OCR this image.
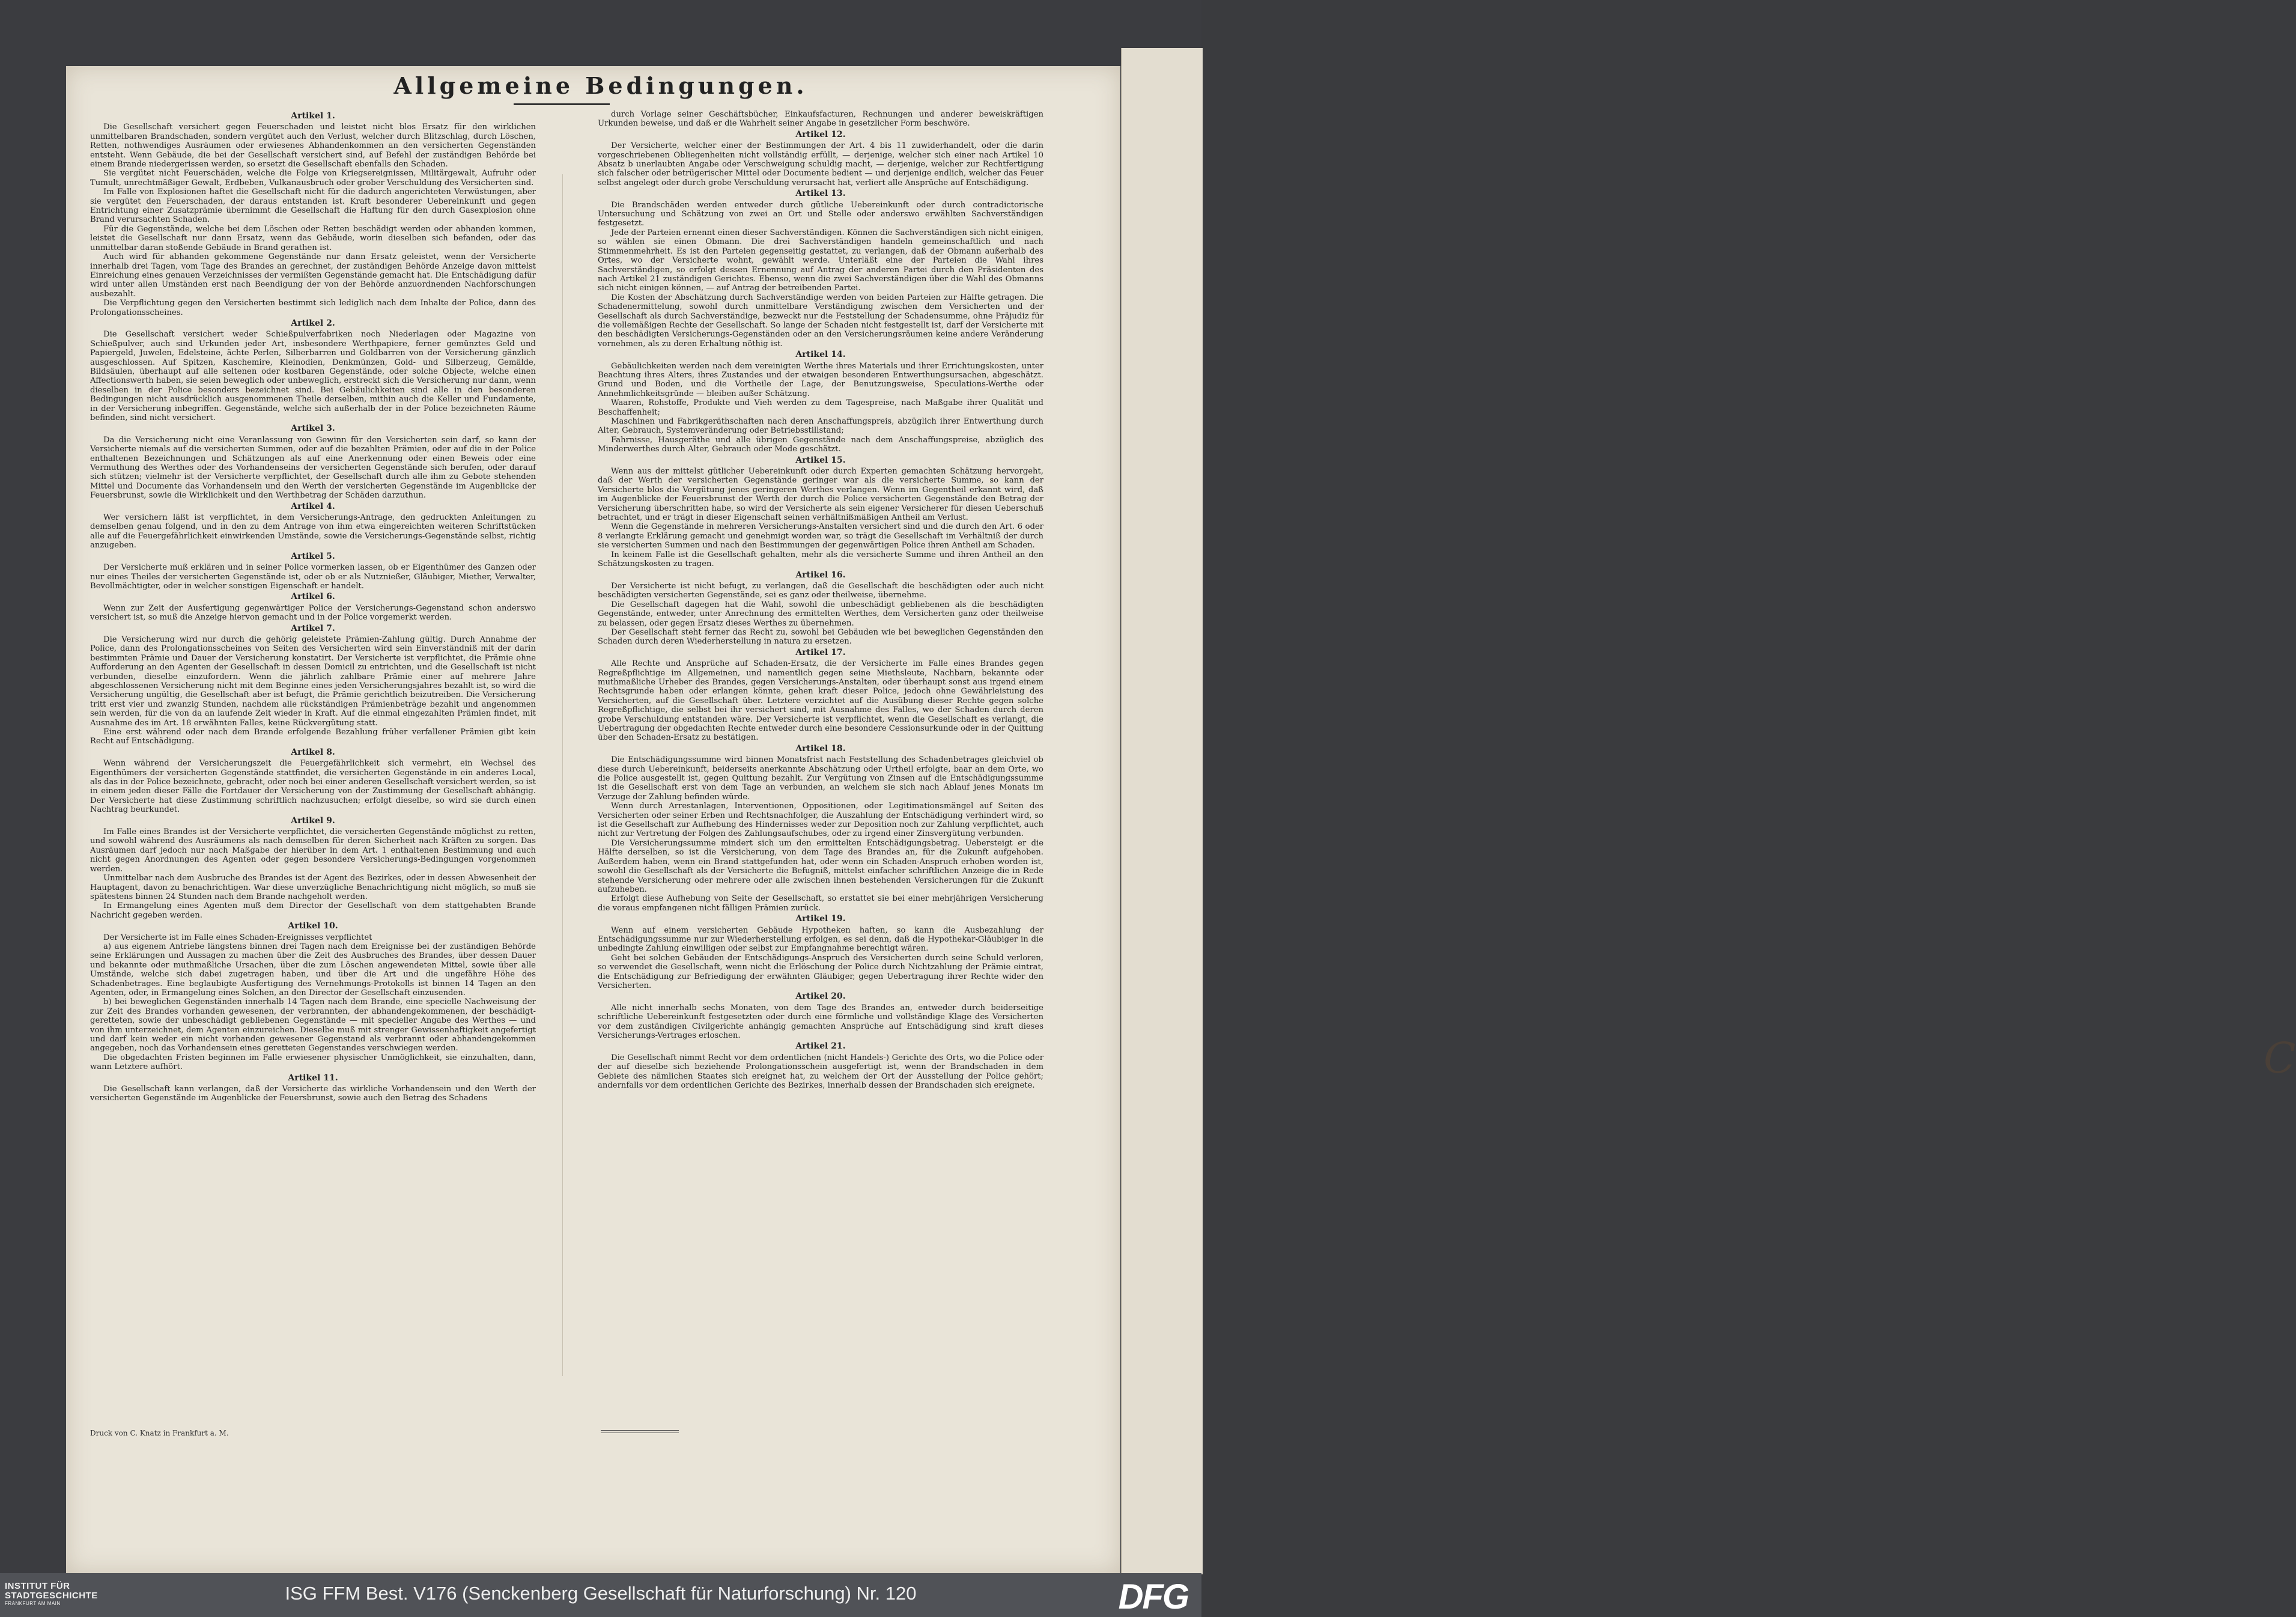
C
Allgemeine Bedingungen.
Artikel 1.

Die Gesellschaft versichert gegen Feuerschaden und leistet nicht blos Ersatz für den wirklichen unmittelbaren Brandschaden, sondern vergütet auch den Verlust, welcher durch Blitzschlag, durch Löschen, Retten, nothwendiges Ausräumen oder erwiesenes Abhandenkommen an den versicherten Gegenständen entsteht. Wenn Gebäude, die bei der Gesellschaft versichert sind, auf Befehl der zuständigen Behörde bei einem Brande niedergerissen werden, so ersetzt die Gesellschaft ebenfalls den Schaden.

Sie vergütet nicht Feuerschäden, welche die Folge von Kriegsereignissen, Militärgewalt, Aufruhr oder Tumult, unrechtmäßiger Gewalt, Erdbeben, Vulkanausbruch oder grober Verschuldung des Versicherten sind.

Im Falle von Explosionen haftet die Gesellschaft nicht für die dadurch angerichteten Verwüstungen, aber sie vergütet den Feuerschaden, der daraus entstanden ist. Kraft besonderer Uebereinkunft und gegen Entrichtung einer Zusatzprämie übernimmt die Gesellschaft die Haftung für den durch Gasexplosion ohne Brand verursachten Schaden.

Für die Gegenstände, welche bei dem Löschen oder Retten beschädigt werden oder abhanden kommen, leistet die Gesellschaft nur dann Ersatz, wenn das Gebäude, worin dieselben sich befanden, oder das unmittelbar daran stoßende Gebäude in Brand gerathen ist.

Auch wird für abhanden gekommene Gegenstände nur dann Ersatz geleistet, wenn der Versicherte innerhalb drei Tagen, vom Tage des Brandes an gerechnet, der zuständigen Behörde Anzeige davon mittelst Einreichung eines genauen Verzeichnisses der vermißten Gegenstände gemacht hat. Die Entschädigung dafür wird unter allen Umständen erst nach Beendigung der von der Behörde anzuordnenden Nachforschungen ausbezahlt.

Die Verpflichtung gegen den Versicherten bestimmt sich lediglich nach dem Inhalte der Police, dann des Prolongationsscheines.

Artikel 2.

Die Gesellschaft versichert weder Schießpulverfabriken noch Niederlagen oder Magazine von Schießpulver, auch sind Urkunden jeder Art, insbesondere Werthpapiere, ferner gemünztes Geld und Papiergeld, Juwelen, Edelsteine, ächte Perlen, Silberbarren und Goldbarren von der Versicherung gänzlich ausgeschlossen. Auf Spitzen, Kaschemire, Kleinodien, Denkmünzen, Gold- und Silberzeug, Gemälde, Bildsäulen, überhaupt auf alle seltenen oder kostbaren Gegenstände, oder solche Objecte, welche einen Affectionswerth haben, sie seien beweglich oder unbeweglich, erstreckt sich die Versicherung nur dann, wenn dieselben in der Police besonders bezeichnet sind. Bei Gebäulichkeiten sind alle in den besonderen Bedingungen nicht ausdrücklich ausgenommenen Theile derselben, mithin auch die Keller und Fundamente, in der Versicherung inbegriffen. Gegenstände, welche sich außerhalb der in der Police bezeichneten Räume befinden, sind nicht versichert.

Artikel 3.

Da die Versicherung nicht eine Veranlassung von Gewinn für den Versicherten sein darf, so kann der Versicherte niemals auf die versicherten Summen, oder auf die bezahlten Prämien, oder auf die in der Police enthaltenen Bezeichnungen und Schätzungen als auf eine Anerkennung oder einen Beweis oder eine Vermuthung des Werthes oder des Vorhandenseins der versicherten Gegenstände sich berufen, oder darauf sich stützen; vielmehr ist der Versicherte verpflichtet, der Gesellschaft durch alle ihm zu Gebote stehenden Mittel und Documente das Vorhandensein und den Werth der versicherten Gegenstände im Augenblicke der Feuersbrunst, sowie die Wirklichkeit und den Werthbetrag der Schäden darzuthun.

Artikel 4.

Wer versichern läßt ist verpflichtet, in dem Versicherungs-Antrage, den gedruckten Anleitungen zu demselben genau folgend, und in den zu dem Antrage von ihm etwa eingereichten weiteren Schriftstücken alle auf die Feuergefährlichkeit einwirkenden Umstände, sowie die Versicherungs-Gegenstände selbst, richtig anzugeben.

Artikel 5.

Der Versicherte muß erklären und in seiner Police vormerken lassen, ob er Eigenthümer des Ganzen oder nur eines Theiles der versicherten Gegenstände ist, oder ob er als Nutznießer, Gläubiger, Miether, Verwalter, Bevollmächtigter, oder in welcher sonstigen Eigenschaft er handelt.

Artikel 6.

Wenn zur Zeit der Ausfertigung gegenwärtiger Police der Versicherungs-Gegenstand schon anderswo versichert ist, so muß die Anzeige hiervon gemacht und in der Police vorgemerkt werden.

Artikel 7.

Die Versicherung wird nur durch die gehörig geleistete Prämien-Zahlung gültig. Durch Annahme der Police, dann des Prolongationsscheines von Seiten des Versicherten wird sein Einverständniß mit der darin bestimmten Prämie und Dauer der Versicherung konstatirt. Der Versicherte ist verpflichtet, die Prämie ohne Aufforderung an den Agenten der Gesellschaft in dessen Domicil zu entrichten, und die Gesellschaft ist nicht verbunden, dieselbe einzufordern. Wenn die jährlich zahlbare Prämie einer auf mehrere Jahre abgeschlossenen Versicherung nicht mit dem Beginne eines jeden Versicherungsjahres bezahlt ist, so wird die Versicherung ungültig, die Gesellschaft aber ist befugt, die Prämie gerichtlich beizutreiben. Die Versicherung tritt erst vier und zwanzig Stunden, nachdem alle rückständigen Prämienbeträge bezahlt und angenommen sein werden, für die von da an laufende Zeit wieder in Kraft. Auf die einmal eingezahlten Prämien findet, mit Ausnahme des im Art. 18 erwähnten Falles, keine Rückvergütung statt.

Eine erst während oder nach dem Brande erfolgende Bezahlung früher verfallener Prämien gibt kein Recht auf Entschädigung.

Artikel 8.

Wenn während der Versicherungszeit die Feuergefährlichkeit sich vermehrt, ein Wechsel des Eigenthümers der versicherten Gegenstände stattfindet, die versicherten Gegenstände in ein anderes Local, als das in der Police bezeichnete, gebracht, oder noch bei einer anderen Gesellschaft versichert werden, so ist in einem jeden dieser Fälle die Fortdauer der Versicherung von der Zustimmung der Gesellschaft abhängig. Der Versicherte hat diese Zustimmung schriftlich nachzusuchen; erfolgt dieselbe, so wird sie durch einen Nachtrag beurkundet.

Artikel 9.

Im Falle eines Brandes ist der Versicherte verpflichtet, die versicherten Gegenstände möglichst zu retten, und sowohl während des Ausräumens als nach demselben für deren Sicherheit nach Kräften zu sorgen. Das Ausräumen darf jedoch nur nach Maßgabe der hierüber in dem Art. 1 enthaltenen Bestimmung und auch nicht gegen Anordnungen des Agenten oder gegen besondere Versicherungs-Bedingungen vorgenommen werden.

Unmittelbar nach dem Ausbruche des Brandes ist der Agent des Bezirkes, oder in dessen Abwesenheit der Hauptagent, davon zu benachrichtigen. War diese unverzügliche Benachrichtigung nicht möglich, so muß sie spätestens binnen 24 Stunden nach dem Brande nachgeholt werden.

In Ermangelung eines Agenten muß dem Director der Gesellschaft von dem stattgehabten Brande Nachricht gegeben werden.

Artikel 10.

Der Versicherte ist im Falle eines Schaden-Ereignisses verpflichtet

a) aus eigenem Antriebe längstens binnen drei Tagen nach dem Ereignisse bei der zuständigen Behörde seine Erklärungen und Aussagen zu machen über die Zeit des Ausbruches des Brandes, über dessen Dauer und bekannte oder muthmaßliche Ursachen, über die zum Löschen angewendeten Mittel, sowie über alle Umstände, welche sich dabei zugetragen haben, und über die Art und die ungefähre Höhe des Schadenbetrages. Eine beglaubigte Ausfertigung des Vernehmungs-Protokolls ist binnen 14 Tagen an den Agenten, oder, in Ermangelung eines Solchen, an den Director der Gesellschaft einzusenden.

b) bei beweglichen Gegenständen innerhalb 14 Tagen nach dem Brande, eine specielle Nachweisung der zur Zeit des Brandes vorhanden gewesenen, der verbrannten, der abhandengekommenen, der beschädigt-geretteten, sowie der unbeschädigt gebliebenen Gegenstände — mit specieller Angabe des Werthes — und von ihm unterzeichnet, dem Agenten einzureichen. Dieselbe muß mit strenger Gewissenhaftigkeit angefertigt und darf kein weder ein nicht vorhanden gewesener Gegenstand als verbrannt oder abhandengekommen angegeben, noch das Vorhandensein eines geretteten Gegenstandes verschwiegen werden.

Die obgedachten Fristen beginnen im Falle erwiesener physischer Unmöglichkeit, sie einzuhalten, dann, wann Letztere aufhört.

Artikel 11.

Die Gesellschaft kann verlangen, daß der Versicherte das wirkliche Vorhandensein und den Werth der versicherten Gegenstände im Augenblicke der Feuersbrunst, sowie auch den Betrag des Schadens

durch Vorlage seiner Geschäftsbücher, Einkaufsfacturen, Rechnungen und anderer beweiskräftigen Urkunden beweise, und daß er die Wahrheit seiner Angabe in gesetzlicher Form beschwöre.

Artikel 12.

Der Versicherte, welcher einer der Bestimmungen der Art. 4 bis 11 zuwiderhandelt, oder die darin vorgeschriebenen Obliegenheiten nicht vollständig erfüllt, — derjenige, welcher sich einer nach Artikel 10 Absatz b unerlaubten Angabe oder Verschweigung schuldig macht, — derjenige, welcher zur Rechtfertigung sich falscher oder betrügerischer Mittel oder Documente bedient — und derjenige endlich, welcher das Feuer selbst angelegt oder durch grobe Verschuldung verursacht hat, verliert alle Ansprüche auf Entschädigung.

Artikel 13.

Die Brandschäden werden entweder durch gütliche Uebereinkunft oder durch contradictorische Untersuchung und Schätzung von zwei an Ort und Stelle oder anderswo erwählten Sachverständigen festgesetzt.

Jede der Parteien ernennt einen dieser Sachverständigen. Können die Sachverständigen sich nicht einigen, so wählen sie einen Obmann. Die drei Sachverständigen handeln gemeinschaftlich und nach Stimmenmehrheit. Es ist den Parteien gegenseitig gestattet, zu verlangen, daß der Obmann außerhalb des Ortes, wo der Versicherte wohnt, gewählt werde. Unterläßt eine der Parteien die Wahl ihres Sachverständigen, so erfolgt dessen Ernennung auf Antrag der anderen Partei durch den Präsidenten des nach Artikel 21 zuständigen Gerichtes. Ebenso, wenn die zwei Sachverständigen über die Wahl des Obmanns sich nicht einigen können, — auf Antrag der betreibenden Partei.

Die Kosten der Abschätzung durch Sachverständige werden von beiden Parteien zur Hälfte getragen. Die Schadenermittelung, sowohl durch unmittelbare Verständigung zwischen dem Versicherten und der Gesellschaft als durch Sachverständige, bezweckt nur die Feststellung der Schadensumme, ohne Präjudiz für die vollemäßigen Rechte der Gesellschaft. So lange der Schaden nicht festgestellt ist, darf der Versicherte mit den beschädigten Versicherungs-Gegenständen oder an den Versicherungsräumen keine andere Veränderung vornehmen, als zu deren Erhaltung nöthig ist.

Artikel 14.

Gebäulichkeiten werden nach dem vereinigten Werthe ihres Materials und ihrer Errichtungskosten, unter Beachtung ihres Alters, ihres Zustandes und der etwaigen besonderen Entwerthungsursachen, abgeschätzt. Grund und Boden, und die Vortheile der Lage, der Benutzungsweise, Speculations-Werthe oder Annehmlichkeitsgründe — bleiben außer Schätzung.

Waaren, Rohstoffe, Produkte und Vieh werden zu dem Tagespreise, nach Maßgabe ihrer Qualität und Beschaffenheit;

Maschinen und Fabrikgeräthschaften nach deren Anschaffungspreis, abzüglich ihrer Entwerthung durch Alter, Gebrauch, Systemveränderung oder Betriebsstillstand;

Fahrnisse, Hausgeräthe und alle übrigen Gegenstände nach dem Anschaffungspreise, abzüglich des Minderwerthes durch Alter, Gebrauch oder Mode geschätzt.

Artikel 15.

Wenn aus der mittelst gütlicher Uebereinkunft oder durch Experten gemachten Schätzung hervorgeht, daß der Werth der versicherten Gegenstände geringer war als die versicherte Summe, so kann der Versicherte blos die Vergütung jenes geringeren Werthes verlangen. Wenn im Gegentheil erkannt wird, daß im Augenblicke der Feuersbrunst der Werth der durch die Police versicherten Gegenstände den Betrag der Versicherung überschritten habe, so wird der Versicherte als sein eigener Versicherer für diesen Ueberschuß betrachtet, und er trägt in dieser Eigenschaft seinen verhältnißmäßigen Antheil am Verlust.

Wenn die Gegenstände in mehreren Versicherungs-Anstalten versichert sind und die durch den Art. 6 oder 8 verlangte Erklärung gemacht und genehmigt worden war, so trägt die Gesellschaft im Verhältniß der durch sie versicherten Summen und nach den Bestimmungen der gegenwärtigen Police ihren Antheil am Schaden.

In keinem Falle ist die Gesellschaft gehalten, mehr als die versicherte Summe und ihren Antheil an den Schätzungskosten zu tragen.

Artikel 16.

Der Versicherte ist nicht befugt, zu verlangen, daß die Gesellschaft die beschädigten oder auch nicht beschädigten versicherten Gegenstände, sei es ganz oder theilweise, übernehme.

Die Gesellschaft dagegen hat die Wahl, sowohl die unbeschädigt gebliebenen als die beschädigten Gegenstände, entweder, unter Anrechnung des ermittelten Werthes, dem Versicherten ganz oder theilweise zu belassen, oder gegen Ersatz dieses Werthes zu übernehmen.

Der Gesellschaft steht ferner das Recht zu, sowohl bei Gebäuden wie bei beweglichen Gegenständen den Schaden durch deren Wiederherstellung in natura zu ersetzen.

Artikel 17.

Alle Rechte und Ansprüche auf Schaden-Ersatz, die der Versicherte im Falle eines Brandes gegen Regreßpflichtige im Allgemeinen, und namentlich gegen seine Miethsleute, Nachbarn, bekannte oder muthmaßliche Urheber des Brandes, gegen Versicherungs-Anstalten, oder überhaupt sonst aus irgend einem Rechtsgrunde haben oder erlangen könnte, gehen kraft dieser Police, jedoch ohne Gewährleistung des Versicherten, auf die Gesellschaft über. Letztere verzichtet auf die Ausübung dieser Rechte gegen solche Regreßpflichtige, die selbst bei ihr versichert sind, mit Ausnahme des Falles, wo der Schaden durch deren grobe Verschuldung entstanden wäre. Der Versicherte ist verpflichtet, wenn die Gesellschaft es verlangt, die Uebertragung der obgedachten Rechte entweder durch eine besondere Cessionsurkunde oder in der Quittung über den Schaden-Ersatz zu bestätigen.

Artikel 18.

Die Entschädigungssumme wird binnen Monatsfrist nach Feststellung des Schadenbetrages gleichviel ob diese durch Uebereinkunft, beiderseits anerkannte Abschätzung oder Urtheil erfolgte, baar an dem Orte, wo die Police ausgestellt ist, gegen Quittung bezahlt. Zur Vergütung von Zinsen auf die Entschädigungssumme ist die Gesellschaft erst von dem Tage an verbunden, an welchem sie sich nach Ablauf jenes Monats im Verzuge der Zahlung befinden würde.

Wenn durch Arrestanlagen, Interventionen, Oppositionen, oder Legitimationsmängel auf Seiten des Versicherten oder seiner Erben und Rechtsnachfolger, die Auszahlung der Entschädigung verhindert wird, so ist die Gesellschaft zur Aufhebung des Hindernisses weder zur Deposition noch zur Zahlung verpflichtet, auch nicht zur Vertretung der Folgen des Zahlungsaufschubes, oder zu irgend einer Zinsvergütung verbunden.

Die Versicherungssumme mindert sich um den ermittelten Entschädigungsbetrag. Uebersteigt er die Hälfte derselben, so ist die Versicherung, von dem Tage des Brandes an, für die Zukunft aufgehoben. Außerdem haben, wenn ein Brand stattgefunden hat, oder wenn ein Schaden-Anspruch erhoben worden ist, sowohl die Gesellschaft als der Versicherte die Befugniß, mittelst einfacher schriftlichen Anzeige die in Rede stehende Versicherung oder mehrere oder alle zwischen ihnen bestehenden Versicherungen für die Zukunft aufzuheben.

Erfolgt diese Aufhebung von Seite der Gesellschaft, so erstattet sie bei einer mehrjährigen Versicherung die voraus empfangenen nicht fälligen Prämien zurück.

Artikel 19.

Wenn auf einem versicherten Gebäude Hypotheken haften, so kann die Ausbezahlung der Entschädigungssumme nur zur Wiederherstellung erfolgen, es sei denn, daß die Hypothekar-Gläubiger in die unbedingte Zahlung einwilligen oder selbst zur Empfangnahme berechtigt wären.

Geht bei solchen Gebäuden der Entschädigungs-Anspruch des Versicherten durch seine Schuld verloren, so verwendet die Gesellschaft, wenn nicht die Erlöschung der Police durch Nichtzahlung der Prämie eintrat, die Entschädigung zur Befriedigung der erwähnten Gläubiger, gegen Uebertragung ihrer Rechte wider den Versicherten.

Artikel 20.

Alle nicht innerhalb sechs Monaten, von dem Tage des Brandes an, entweder durch beiderseitige schriftliche Uebereinkunft festgesetzten oder durch eine förmliche und vollständige Klage des Versicherten vor dem zuständigen Civilgerichte anhängig gemachten Ansprüche auf Entschädigung sind kraft dieses Versicherungs-Vertrages erloschen.

Artikel 21.

Die Gesellschaft nimmt Recht vor dem ordentlichen (nicht Handels-) Gerichte des Orts, wo die Police oder der auf dieselbe sich beziehende Prolongationsschein ausgefertigt ist, wenn der Brandschaden in dem Gebiete des nämlichen Staates sich ereignet hat, zu welchem der Ort der Ausstellung der Police gehört; andernfalls vor dem ordentlichen Gerichte des Bezirkes, innerhalb dessen der Brandschaden sich ereignete.

Druck von C. Knatz in Frankfurt a. M.
INSTITUT FÜR
STADTGESCHICHTE
FRANKFURT AM MAIN	ISG FFM Best. V176 (Senckenberg Gesellschaft für Naturforschung) Nr. 120	DFG
